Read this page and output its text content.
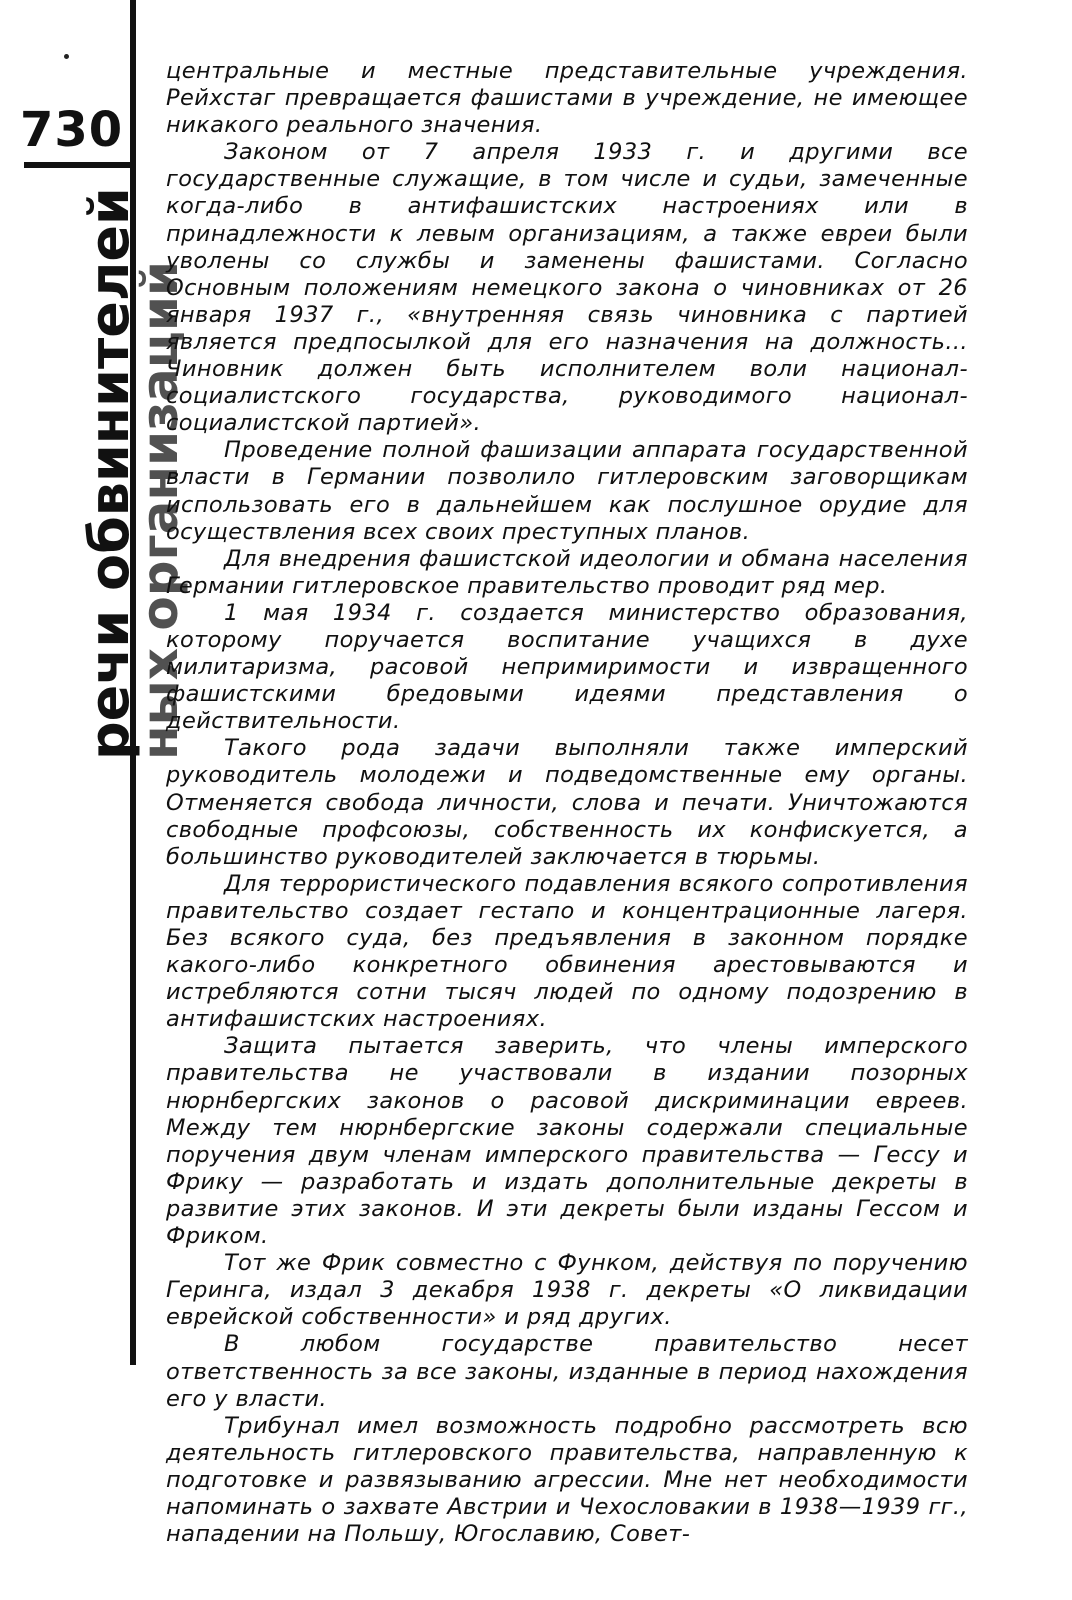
730
речи обвинителей
ных организаций

центральные и местные представительные учреждения. Рейхстаг превращается фашистами в учреждение, не имеющее никакого реального значения.

Законом от 7 апреля 1933 г. и другими все государственные служащие, в том числе и судьи, замеченные когда-либо в антифашистских настроениях или в принадлежности к левым организациям, а также евреи были уволены со службы и заменены фашистами. Согласно Основным положениям немецкого закона о чиновниках от 26 января 1937 г., «внутренняя связь чиновника с партией является предпосылкой для его назначения на должность... Чиновник должен быть исполнителем воли национал-социалистского государства, руководимого национал-социалистской партией».

Проведение полной фашизации аппарата государственной власти в Германии позволило гитлеровским заговорщикам использовать его в дальнейшем как послушное орудие для осуществления всех своих преступных планов.

Для внедрения фашистской идеологии и обмана населения Германии гитлеровское правительство проводит ряд мер.

1 мая 1934 г. создается министерство образования, которому поручается воспитание учащихся в духе милитаризма, расовой непримиримости и извращенного фашистскими бредовыми идеями представления о действительности.

Такого рода задачи выполняли также имперский руководитель молодежи и подведомственные ему органы. Отменяется свобода личности, слова и печати. Уничтожаются свободные профсоюзы, собственность их конфискуется, а большинство руководителей заключается в тюрьмы.

Для террористического подавления всякого сопротивления правительство создает гестапо и концентрационные лагеря. Без всякого суда, без предъявления в законном порядке какого-либо конкретного обвинения арестовываются и истребляются сотни тысяч людей по одному подозрению в антифашистских настроениях.

Защита пытается заверить, что члены имперского правительства не участвовали в издании позорных нюрнбергских законов о расовой дискриминации евреев. Между тем нюрнбергские законы содержали специальные поручения двум членам имперского правительства — Гессу и Фрику — разработать и издать дополнительные декреты в развитие этих законов. И эти декреты были изданы Гессом и Фриком.

Тот же Фрик совместно с Функом, действуя по поручению Геринга, издал 3 декабря 1938 г. декреты «О ликвидации еврейской собственности» и ряд других.

В любом государстве правительство несет ответственность за все законы, изданные в период нахождения его у власти.

Трибунал имел возможность подробно рассмотреть всю деятельность гитлеровского правительства, направленную к подготовке и развязыванию агрессии. Мне нет необходимости напоминать о захвате Австрии и Чехословакии в 1938—1939 гг., нападении на Польшу, Югославию, Совет-
